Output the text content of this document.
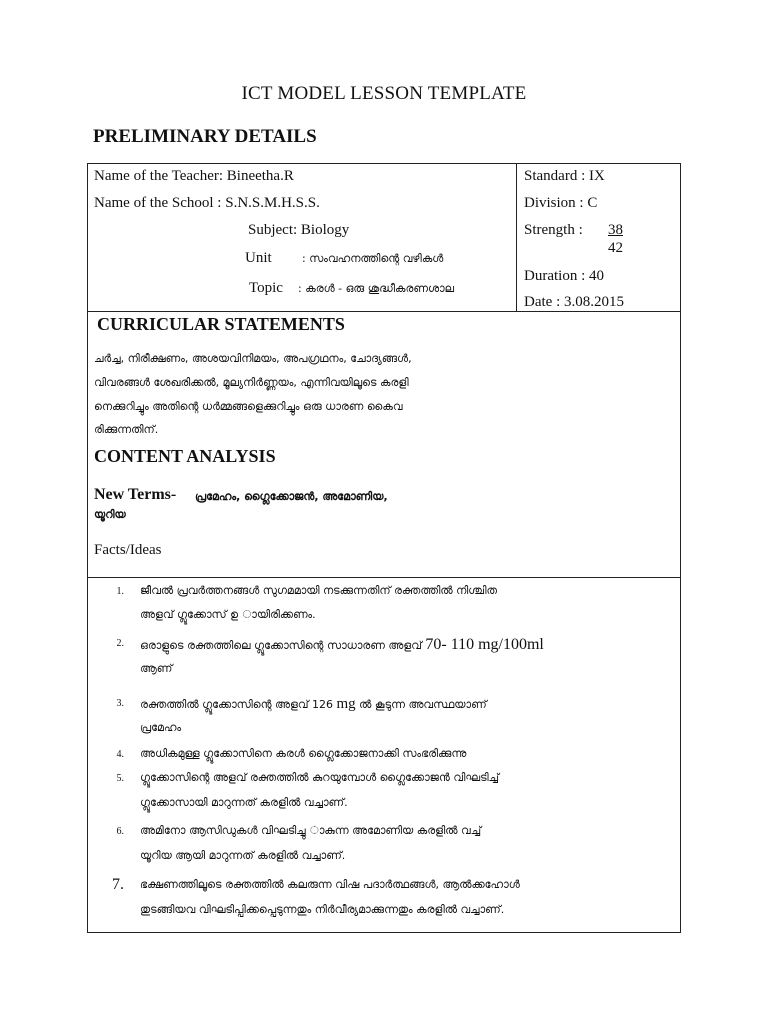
ICT MODEL LESSON TEMPLATE
PRELIMINARY DETAILS
Name of the Teacher: Bineetha.R
Name of the School : S.N.S.M.H.S.S.
Subject: Biology
Unit	: സംവഹനത്തിന്റെ വഴികൾ
Topic : കരൾ - ഒരു ശുദ്ധീകരണശാല
Standard : IX
Division : C
Strength : 38
42
Duration : 40
Date : 3.08.2015
CURRICULAR STATEMENTS
ചർച്ച, നിരീക്ഷണം, അശയവിനിമയം, അപഗ്രഥനം, ചോദ്യങ്ങൾ,
വിവരങ്ങൾ ശേഖരിക്കൽ, മൂല്യനിർണ്ണയം, എന്നിവയിലൂടെ കരളി
നെക്കുറിച്ചും അതിന്റെ ധർമ്മങ്ങളെക്കുറിച്ചും ഒരു ധാരണ കൈവ
രിക്കുന്നതിന്.
CONTENT ANALYSIS
New Terms- പ്രമേഹം, ഗ്ലൈക്കോജൻ, അമോണിയ,
യൂറിയ
Facts/Ideas
1. ജീവൽ പ്രവർത്തനങ്ങൾ സുഗമമായി നടക്കുന്നതിന് രക്തത്തിൽ നിശ്ചിത
അളവ് ഗ്ലൂക്കോസ് ഉ ായിരിക്കണം.
2. ഒരാളുടെ രക്തത്തിലെ ഗ്ലൂക്കോസിന്റെ സാധാരണ അളവ് 70- 110 mg/100ml
ആണ്
3. രക്തത്തിൽ ഗ്ലൂക്കോസിന്റെ അളവ് 126 mg ൽ കൂടുന്ന അവസ്ഥയാണ്
പ്രമേഹം
4. അധികമുള്ള ഗ്ലൂക്കോസിനെ കരൾ ഗ്ലൈക്കോജനാക്കി സംഭരിക്കുന്നു
5. ഗ്ലൂക്കോസിന്റെ അളവ് രക്തത്തിൽ കുറയുമ്പോൾ ഗ്ലൈക്കോജൻ വിഘടിച്ച്
ഗ്ലൂക്കോസായി മാറുന്നത് കരളിൽ വച്ചാണ്.
6. അമിനോ ആസിഡുകൾ വിഘടിച്ചു ാകുന്ന അമോണിയ കരളിൽ വച്ച്
യൂറിയ ആയി മാറുന്നത് കരളിൽ വച്ചാണ്.
7. ഭക്ഷണത്തിലൂടെ രക്തത്തിൽ കലരുന്ന വിഷ പദാർത്ഥങ്ങൾ, ആൽക്കഹോൾ
തുടങ്ങിയവ വിഘടിപ്പിക്കപ്പെടുന്നതും നിർവീര്യമാക്കുന്നതും കരളിൽ വച്ചാണ്.
